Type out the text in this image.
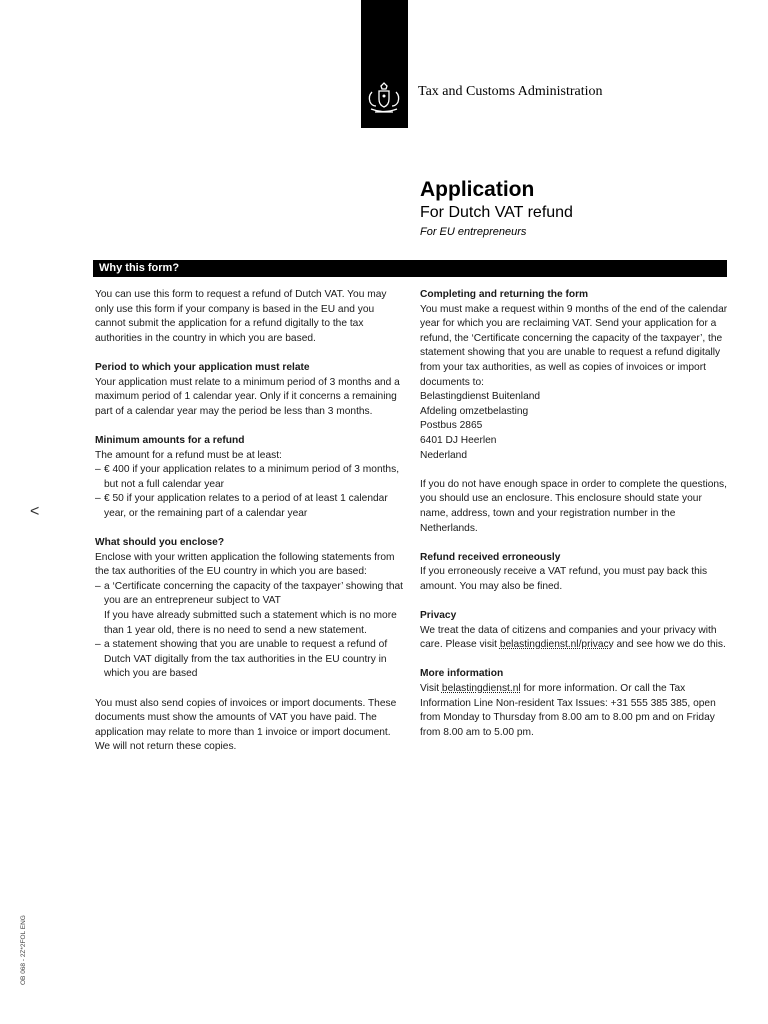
Tax and Customs Administration
Application
For Dutch VAT refund
For EU entrepreneurs
Why this form?
You can use this form to request a refund of Dutch VAT. You may only use this form if your company is based in the EU and you cannot submit the application for a refund digitally to the tax authorities in the country in which you are based.
Period to which your application must relate
Your application must relate to a minimum period of 3 months and a maximum period of 1 calendar year. Only if it concerns a remaining part of a calendar year may the period be less than 3 months.
Minimum amounts for a refund
The amount for a refund must be at least:
– € 400 if your application relates to a minimum period of 3 months, but not a full calendar year
– € 50 if your application relates to a period of at least 1 calendar year, or the remaining part of a calendar year
What should you enclose?
Enclose with your written application the following statements from the tax authorities of the EU country in which you are based:
– a ‘Certificate concerning the capacity of the taxpayer’ showing that you are an entrepreneur subject to VAT
If you have already submitted such a statement which is no more than 1 year old, there is no need to send a new statement.
– a statement showing that you are unable to request a refund of Dutch VAT digitally from the tax authorities in the EU country in which you are based
You must also send copies of invoices or import documents. These documents must show the amounts of VAT you have paid. The application may relate to more than 1 invoice or import document. We will not return these copies.
Completing and returning the form
You must make a request within 9 months of the end of the calendar year for which you are reclaiming VAT. Send your application for a refund, the ‘Certificate concerning the capacity of the taxpayer’, the statement showing that you are unable to request a refund digitally from your tax authorities, as well as copies of invoices or import documents to:
Belastingdienst Buitenland
Afdeling omzetbelasting
Postbus 2865
6401 DJ Heerlen
Nederland
If you do not have enough space in order to complete the questions, you should use an enclosure. This enclosure should state your name, address, town and your registration number in the Netherlands.
Refund received erroneously
If you erroneously receive a VAT refund, you must pay back this amount. You may also be fined.
Privacy
We treat the data of citizens and companies and your privacy with care. Please visit belastingdienst.nl/privacy and see how we do this.
More information
Visit belastingdienst.nl for more information. Or call the Tax Information Line Non-resident Tax Issues: +31 555 385 385, open from Monday to Thursday from 8.00 am to 8.00 pm and on Friday from 8.00 am to 5.00 pm.
<
OB 068 - 2Z*2FOL ENG
